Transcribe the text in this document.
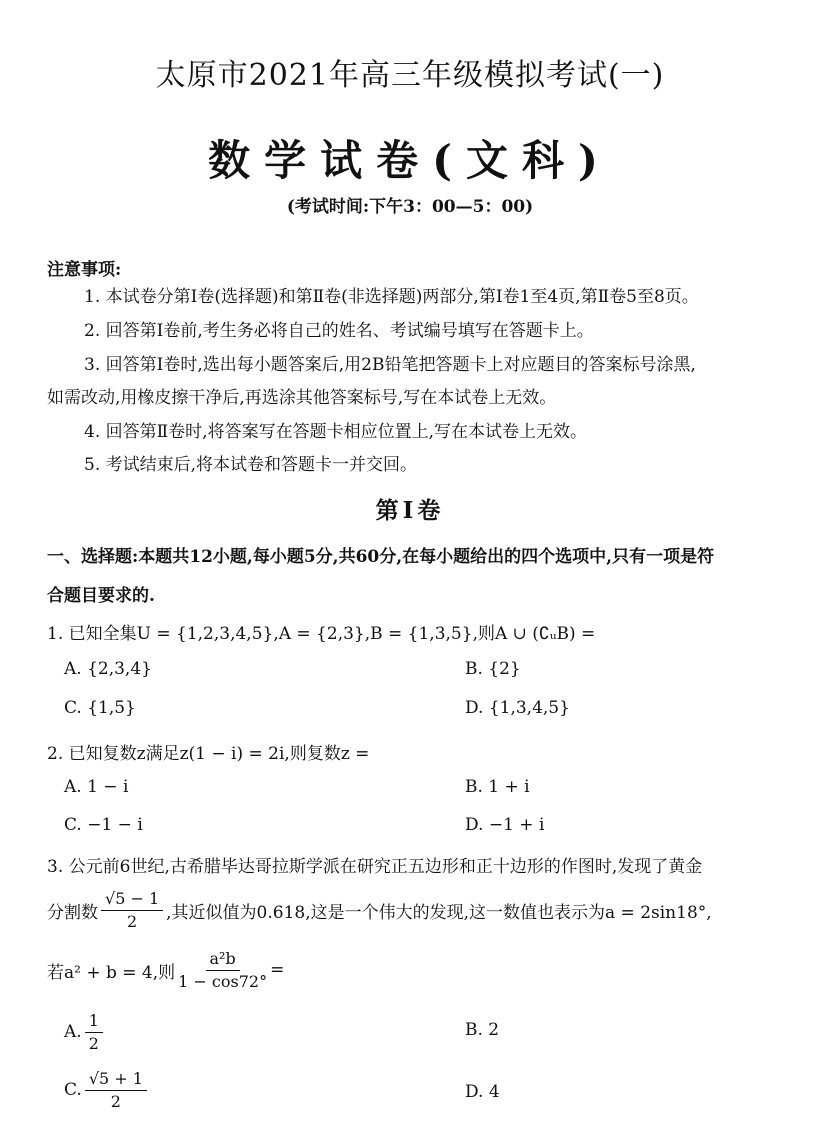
太原市2021年高三年级模拟考试(一)
数学试卷(文科)
(考试时间:下午3：00—5：00)
注意事项:
1. 本试卷分第Ⅰ卷(选择题)和第Ⅱ卷(非选择题)两部分,第Ⅰ卷1至4页,第Ⅱ卷5至8页。
2. 回答第Ⅰ卷前,考生务必将自己的姓名、考试编号填写在答题卡上。
3. 回答第Ⅰ卷时,选出每小题答案后,用2B铅笔把答题卡上对应题目的答案标号涂黑,
如需改动,用橡皮擦干净后,再选涂其他答案标号,写在本试卷上无效。
4. 回答第Ⅱ卷时,将答案写在答题卡相应位置上,写在本试卷上无效。
5. 考试结束后,将本试卷和答题卡一并交回。
第Ⅰ卷
一、选择题:本题共12小题,每小题5分,共60分,在每小题给出的四个选项中,只有一项是符
合题目要求的.
1. 已知全集U = {1,2,3,4,5},A = {2,3},B = {1,3,5},则A ∪ (∁ᵤB) =
A. {2,3,4}	B. {2}
C. {1,5}	D. {1,3,4,5}
2. 已知复数z满足z(1 − i) = 2i,则复数z =
A. 1 − i	B. 1 + i
C. −1 − i	D. −1 + i
3. 公元前6世纪,古希腊毕达哥拉斯学派在研究正五边形和正十边形的作图时,发现了黄金
分割数 $\frac{√5 - 1}{2}$ ,其近似值为0.618,这是一个伟大的发现,这一数值也表示为a = 2sin18°,
若a² + b = 4,则 $\frac{\text{a²b}}{1 - \cos 72^\circ}$ =
A. $\frac{1}{2}$	B. 2
C. $\frac{√5 + 1}{2}$	D. 4
